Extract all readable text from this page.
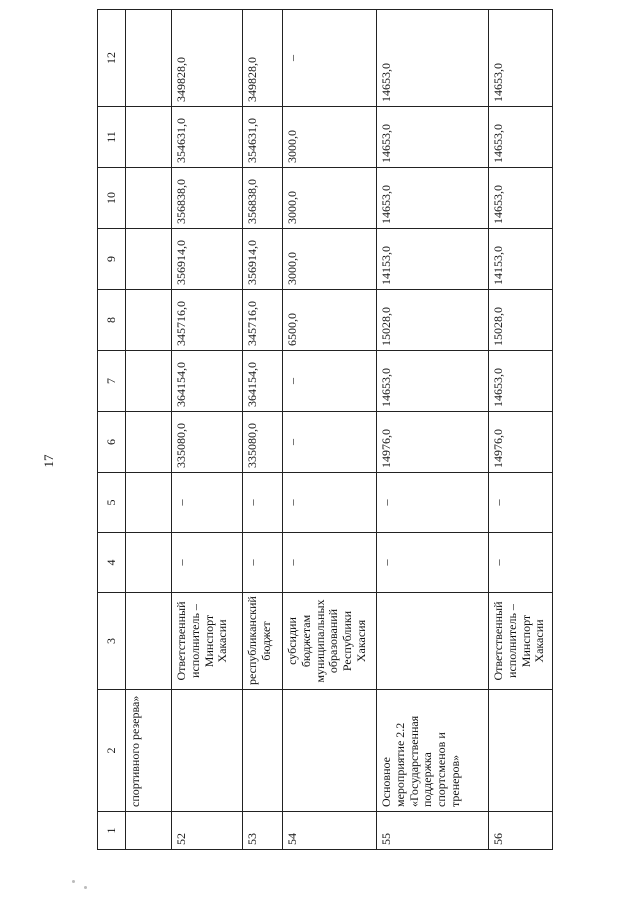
17
1	2	3	4	5	6	7	8	9	10	11	12
	спортивного резерва»										
52		Ответственный исполнитель – Минспорт Хакасии	–	–	335080,0	364154,0	345716,0	356914,0	356838,0	354631,0	349828,0
53		республиканский бюджет	–	–	335080,0	364154,0	345716,0	356914,0	356838,0	354631,0	349828,0
54		субсидии бюджетам муниципальных образований Республики Хакасия	–	–	–	–	6500,0	3000,0	3000,0	3000,0	–
55	Основное мероприятие 2.2 «Государственная поддержка спортсменов и тренеров»		–	–	14976,0	14653,0	15028,0	14153,0	14653,0	14653,0	14653,0
56		Ответственный исполнитель – Минспорт Хакасии	–	–	14976,0	14653,0	15028,0	14153,0	14653,0	14653,0	14653,0
